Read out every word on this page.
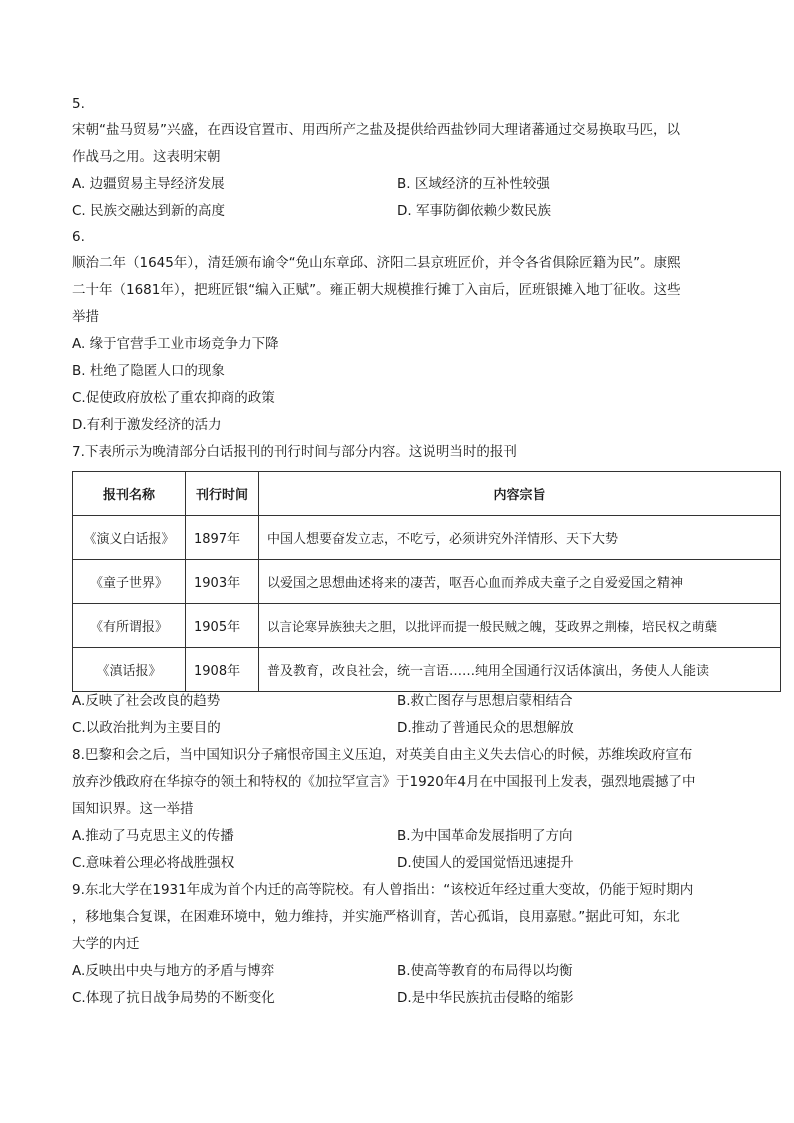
5.
宋朝“盐马贸易”兴盛，在西设官置市、用西所产之盐及提供给西盐钞同大理诸蕃通过交易换取马匹，以
作战马之用。这表明宋朝
A. 边疆贸易主导经济发展	B. 区域经济的互补性较强
C. 民族交融达到新的高度	D. 军事防御依赖少数民族
6.
顺治二年（1645年），清廷颁布谕令“免山东章邱、济阳二县京班匠价，并令各省俱除匠籍为民”。康熙
二十年（1681年），把班匠银“编入正赋”。雍正朝大规模推行摊丁入亩后，匠班银摊入地丁征收。这些
举措
A. 缘于官营手工业市场竞争力下降
B. 杜绝了隐匿人口的现象
C.促使政府放松了重农抑商的政策
D.有利于激发经济的活力
7.下表所示为晚清部分白话报刊的刊行时间与部分内容。这说明当时的报刊
报刊名称	刊行时间	内容宗旨
《演义白话报》	1897年	中国人想要奋发立志，不吃亏，必须讲究外洋情形、天下大势
《童子世界》	1903年	以爱国之思想曲述将来的凄苦，呕吾心血而养成夫童子之自爱爱国之精神
《有所谓报》	1905年	以言论寒异族独夫之胆，以批评而提一般民贼之魄，芟政界之荆榛，培民权之萌蘖
《滇话报》	1908年	普及教育，改良社会，统一言语……纯用全国通行汉话体演出，务使人人能读
A.反映了社会改良的趋势	B.救亡图存与思想启蒙相结合
C.以政治批判为主要目的	D.推动了普通民众的思想解放
8.巴黎和会之后，当中国知识分子痛恨帝国主义压迫，对英美自由主义失去信心的时候，苏维埃政府宣布
放弃沙俄政府在华掠夺的领土和特权的《加拉罕宣言》于1920年4月在中国报刊上发表，强烈地震撼了中
国知识界。这一举措
A.推动了马克思主义的传播	B.为中国革命发展指明了方向
C.意味着公理必将战胜强权	D.使国人的爱国觉悟迅速提升
9.东北大学在1931年成为首个内迁的高等院校。有人曾指出：“该校近年经过重大变故，仍能于短时期内
，移地集合复课，在困难环境中，勉力维持，并实施严格训育，苦心孤诣，良用嘉慰。”据此可知，东北
大学的内迁
A.反映出中央与地方的矛盾与博弈	B.使高等教育的布局得以均衡
C.体现了抗日战争局势的不断变化	D.是中华民族抗击侵略的缩影
